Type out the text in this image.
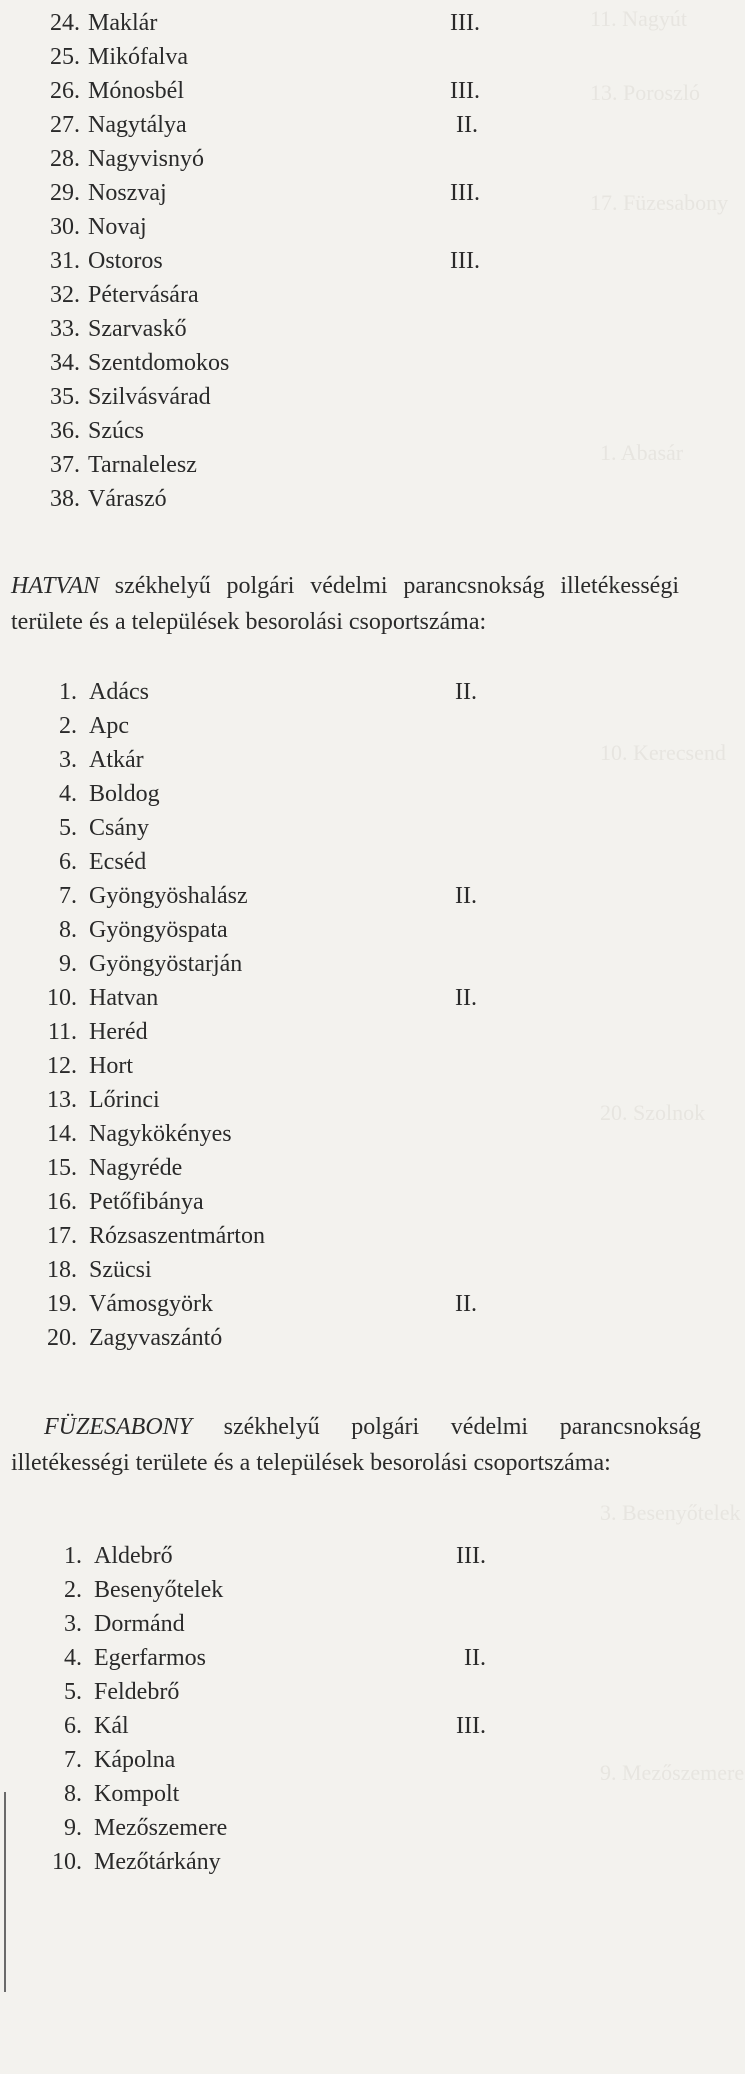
11. Nagyút
13. Poroszló
17. Füzesabony
1. Abasár
10. Kerecsend
20. Szolnok
3. Besenyőtelek
9. Mezőszemere
24. Maklár	III.
25. Mikófalva
26. Mónosbél	III.
27. Nagytálya	II.
28. Nagyvisnyó
29. Noszvaj	III.
30. Novaj
31. Ostoros	III.
32. Pétervására
33. Szarvaskő
34. Szentdomokos
35. Szilvásvárad
36. Szúcs
37. Tarnalelesz
38. Váraszó

HATVAN székhelyű polgári védelmi parancsnokság illetékességi területe és a települések besorolási csoportszáma:

1. Adács	II.
2. Apc
3. Atkár
4. Boldog
5. Csány
6. Ecséd
7. Gyöngyöshalász	II.
8. Gyöngyöspata
9. Gyöngyöstarján
10. Hatvan	II.
11. Heréd
12. Hort
13. Lőrinci
14. Nagykökényes
15. Nagyréde
16. Petőfibánya
17. Rózsaszentmárton
18. Szücsi
19. Vámosgyörk	II.
20. Zagyvaszántó

FÜZESABONY székhelyű polgári védelmi parancsnokság illetékességi területe és a települések besorolási csoportszáma:

1. Aldebrő	III.
2. Besenyőtelek
3. Dormánd
4. Egerfarmos	II.
5. Feldebrő
6. Kál	III.
7. Kápolna
8. Kompolt
9. Mezőszemere
10. Mezőtárkány
